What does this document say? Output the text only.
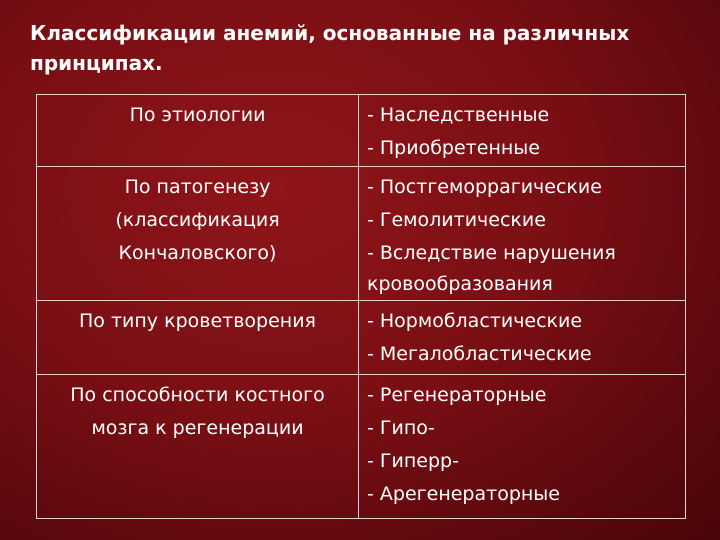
Классификации анемий, основанные на различных принципах.
По этиологии	- Наследственные
- Приобретенные

По патогенезу
(классификация
Кончаловского)	- Постгеморрагические
- Гемолитические
- Вследствие нарушения
кровообразования

По типу кроветворения	- Нормобластические
- Мегалобластические

По способности костного
мозга к регенерации	- Регенераторные
- Гипо-
- Гиперр-
- Арегенераторные
